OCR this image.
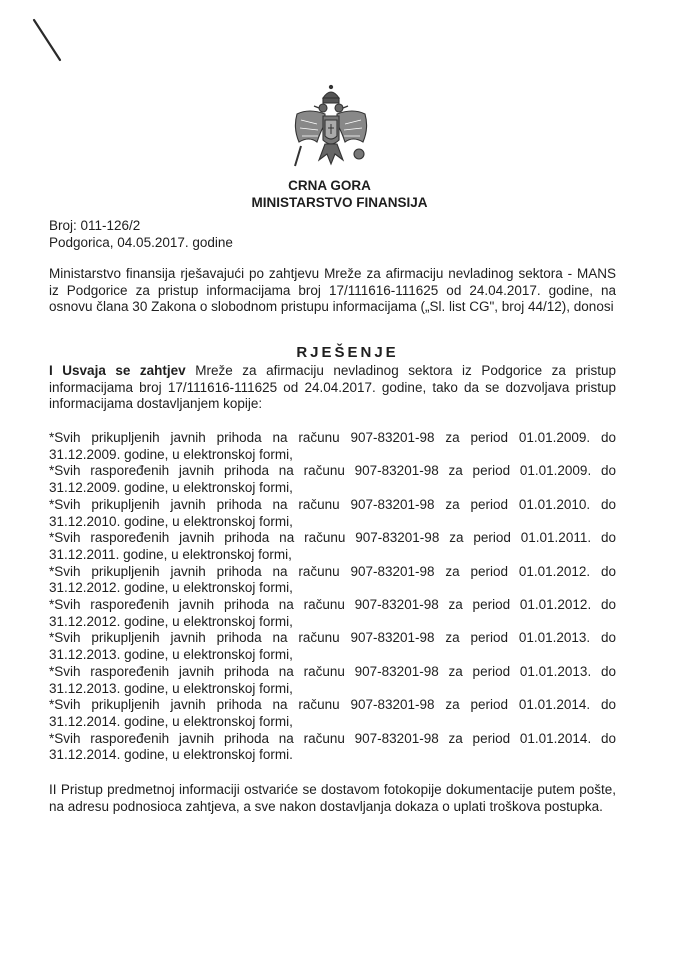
CRNA GORA
MINISTARSTVO FINANSIJA
Broj: 011-126/2
Podgorica, 04.05.2017. godine
Ministarstvo finansija rješavajući po zahtjevu Mreže za afirmaciju nevladinog sektora - MANS iz Podgorice za pristup informacijama broj 17/111616-111625 od 24.04.2017. godine, na osnovu člana 30 Zakona o slobodnom pristupu informacijama („Sl. list CG", broj 44/12), donosi
RJEŠENJE
I Usvaja se zahtjev Mreže za afirmaciju nevladinog sektora iz Podgorice za pristup informacijama broj 17/111616-111625 od 24.04.2017. godine, tako da se dozvoljava pristup informacijama dostavljanjem kopije:

*Svih prikupljenih javnih prihoda na računu 907-83201-98 za period 01.01.2009. do 31.12.2009. godine, u elektronskoj formi,

*Svih raspoređenih javnih prihoda na računu 907-83201-98 za period 01.01.2009. do 31.12.2009. godine, u elektronskoj formi,

*Svih prikupljenih javnih prihoda na računu 907-83201-98 za period 01.01.2010. do 31.12.2010. godine, u elektronskoj formi,

*Svih raspoređenih javnih prihoda na računu 907-83201-98 za period 01.01.2011. do 31.12.2011. godine, u elektronskoj formi,

*Svih prikupljenih javnih prihoda na računu 907-83201-98 za period 01.01.2012. do 31.12.2012. godine, u elektronskoj formi,

*Svih raspoređenih javnih prihoda na računu 907-83201-98 za period 01.01.2012. do 31.12.2012. godine, u elektronskoj formi,

*Svih prikupljenih javnih prihoda na računu 907-83201-98 za period 01.01.2013. do 31.12.2013. godine, u elektronskoj formi,

*Svih raspoređenih javnih prihoda na računu 907-83201-98 za period 01.01.2013. do 31.12.2013. godine, u elektronskoj formi,

*Svih prikupljenih javnih prihoda na računu 907-83201-98 za period 01.01.2014. do 31.12.2014. godine, u elektronskoj formi,

*Svih raspoređenih javnih prihoda na računu 907-83201-98 za period 01.01.2014. do 31.12.2014. godine, u elektronskoj formi.

II Pristup predmetnoj informaciji ostvariće se dostavom fotokopije dokumentacije putem pošte, na adresu podnosioca zahtjeva, a sve nakon dostavljanja dokaza o uplati troškova postupka.
